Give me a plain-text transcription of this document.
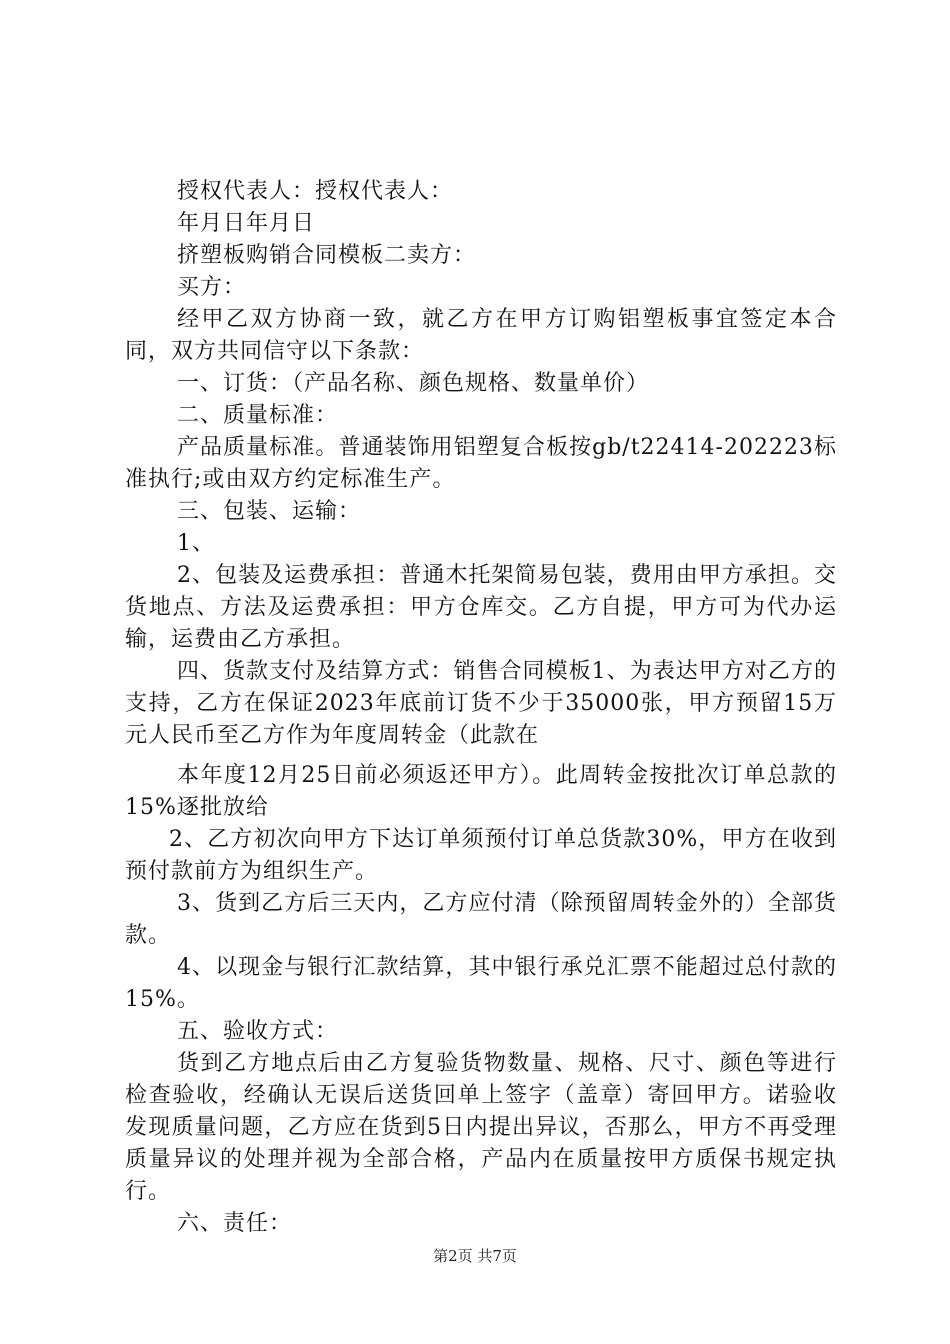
授权代表人：授权代表人：

年月日年月日

挤塑板购销合同模板二卖方：

买方：

经甲乙双方协商一致，就乙方在甲方订购铝塑板事宜签定本合同，双方共同信守以下条款：

一、订货：（产品名称、颜色规格、数量单价）

二、质量标准：

产品质量标准。普通装饰用铝塑复合板按gb/t22414-202223标准执行;或由双方约定标准生产。

三、包装、运输：

1、

2、包装及运费承担：普通木托架简易包装，费用由甲方承担。交货地点、方法及运费承担：甲方仓库交。乙方自提，甲方可为代办运输，运费由乙方承担。

四、货款支付及结算方式：销售合同模板1、为表达甲方对乙方的支持，乙方在保证2023年底前订货不少于35000张，甲方预留15万元人民币至乙方作为年度周转金（此款在

本年度12月25日前必须返还甲方）。此周转金按批次订单总款的15%逐批放给

2、乙方初次向甲方下达订单须预付订单总货款30%，甲方在收到预付款前方为组织生产。

3、货到乙方后三天内，乙方应付清（除预留周转金外的）全部货款。

4、以现金与银行汇款结算，其中银行承兑汇票不能超过总付款的15%。

五、验收方式：

货到乙方地点后由乙方复验货物数量、规格、尺寸、颜色等进行检查验收，经确认无误后送货回单上签字（盖章）寄回甲方。诺验收发现质量问题，乙方应在货到5日内提出异议，否那么，甲方不再受理质量异议的处理并视为全部合格，产品内在质量按甲方质保书规定执行。

六、责任：

第2页 共7页
